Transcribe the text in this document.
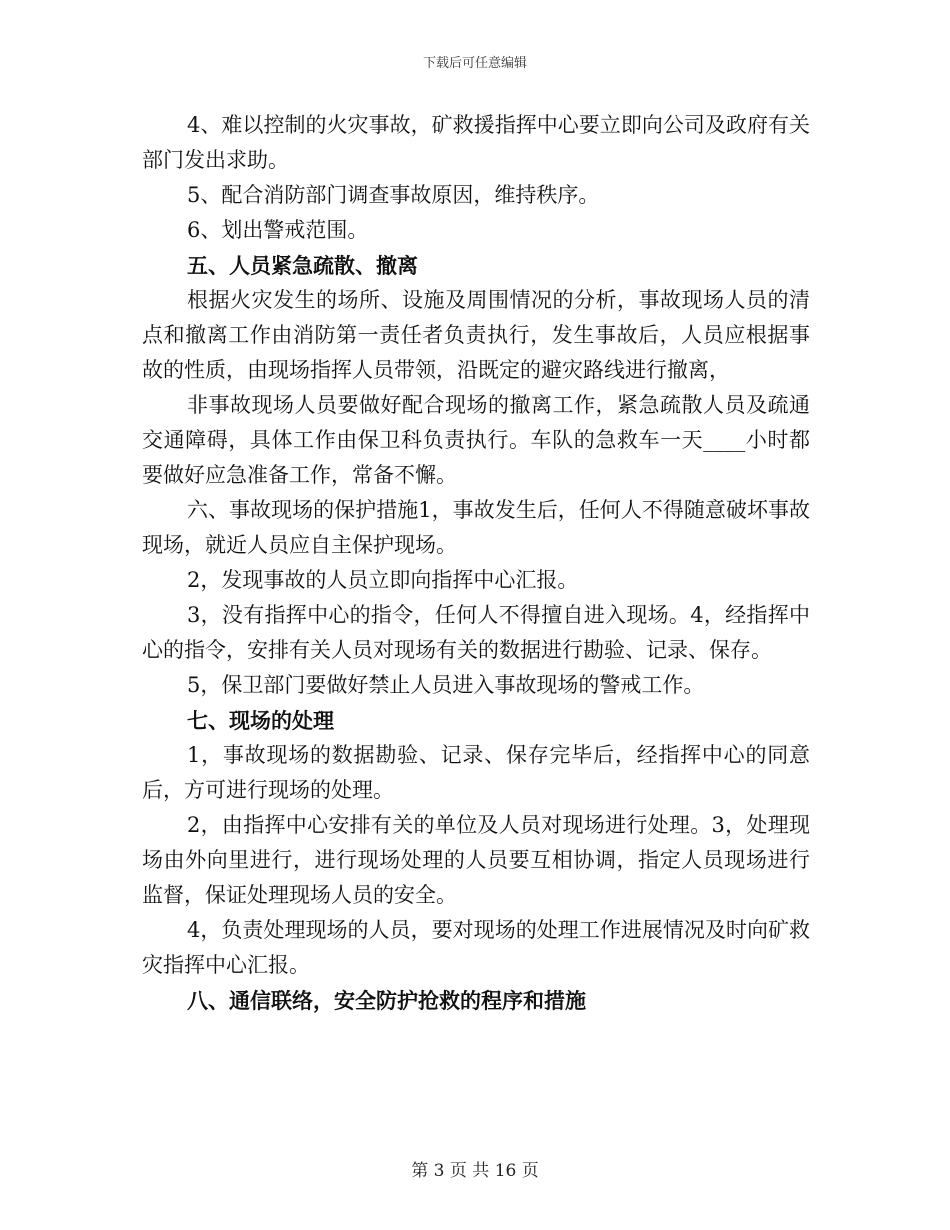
下载后可任意编辑

4、难以控制的火灾事故，矿救援指挥中心要立即向公司及政府有关部门发出求助。

5、配合消防部门调查事故原因，维持秩序。

6、划出警戒范围。

五、人员紧急疏散、撤离

根据火灾发生的场所、设施及周围情况的分析，事故现场人员的清点和撤离工作由消防第一责任者负责执行，发生事故后，人员应根据事故的性质，由现场指挥人员带领，沿既定的避灾路线进行撤离，

非事故现场人员要做好配合现场的撤离工作，紧急疏散人员及疏通交通障碍，具体工作由保卫科负责执行。车队的急救车一天____小时都要做好应急准备工作，常备不懈。

六、事故现场的保护措施1，事故发生后，任何人不得随意破坏事故现场，就近人员应自主保护现场。

2，发现事故的人员立即向指挥中心汇报。

3，没有指挥中心的指令，任何人不得擅自进入现场。4，经指挥中心的指令，安排有关人员对现场有关的数据进行勘验、记录、保存。

5，保卫部门要做好禁止人员进入事故现场的警戒工作。

七、现场的处理

1，事故现场的数据勘验、记录、保存完毕后，经指挥中心的同意后，方可进行现场的处理。

2，由指挥中心安排有关的单位及人员对现场进行处理。3，处理现场由外向里进行，进行现场处理的人员要互相协调，指定人员现场进行监督，保证处理现场人员的安全。

4，负责处理现场的人员，要对现场的处理工作进展情况及时向矿救灾指挥中心汇报。

八、通信联络，安全防护抢救的程序和措施

第 3 页 共 16 页
